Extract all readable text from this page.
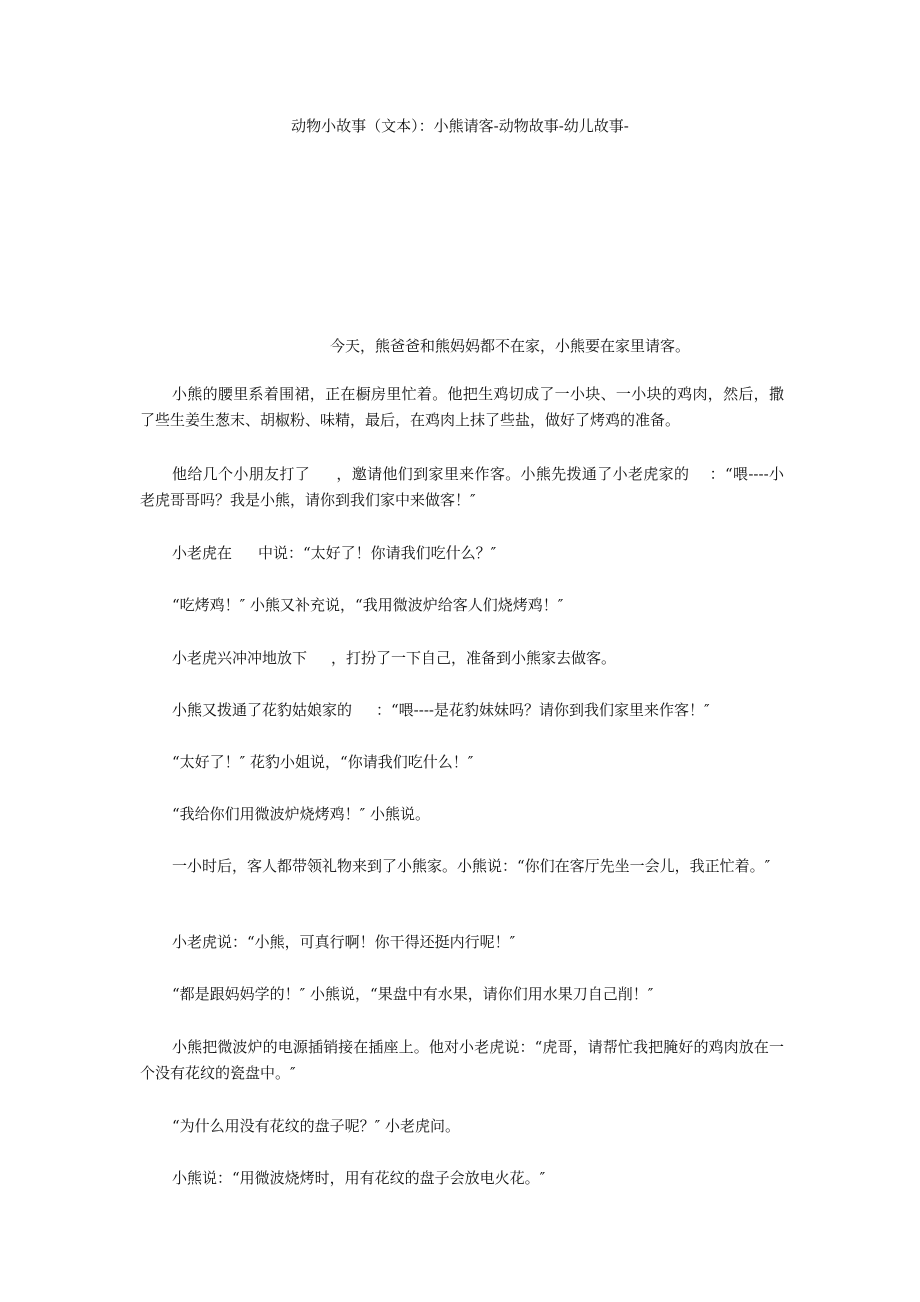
动物小故事（文本）：小熊请客-动物故事-幼儿故事-
今天，熊爸爸和熊妈妈都不在家，小熊要在家里请客。

小熊的腰里系着围裙，正在橱房里忙着。他把生鸡切成了一小块、一小块的鸡肉，然后，撒了些生姜生葱末、胡椒粉、味精，最后，在鸡肉上抹了些盐，做好了烤鸡的准备。

他给几个小朋友打了 ，邀请他们到家里来作客。小熊先拨通了小老虎家的 ：“喂----小老虎哥哥吗？我是小熊，请你到我们家中来做客！″

小老虎在 中说：“太好了！你请我们吃什么？″

“吃烤鸡！″ 小熊又补充说，“我用微波炉给客人们烧烤鸡！″

小老虎兴冲冲地放下 ，打扮了一下自己，准备到小熊家去做客。

小熊又拨通了花豹姑娘家的 ：“喂----是花豹妹妹吗？请你到我们家里来作客！″

“太好了！″ 花豹小姐说，“你请我们吃什么！″

“我给你们用微波炉烧烤鸡！″ 小熊说。

一小时后，客人都带领礼物来到了小熊家。小熊说：“你们在客厅先坐一会儿，我正忙着。″

小老虎说：“小熊，可真行啊！你干得还挺内行呢！″

“都是跟妈妈学的！″ 小熊说，“果盘中有水果，请你们用水果刀自己削！″

小熊把微波炉的电源插销接在插座上。他对小老虎说：“虎哥，请帮忙我把腌好的鸡肉放在一个没有花纹的瓷盘中。″

“为什么用没有花纹的盘子呢？″ 小老虎问。

小熊说：“用微波烧烤时，用有花纹的盘子会放电火花。″
